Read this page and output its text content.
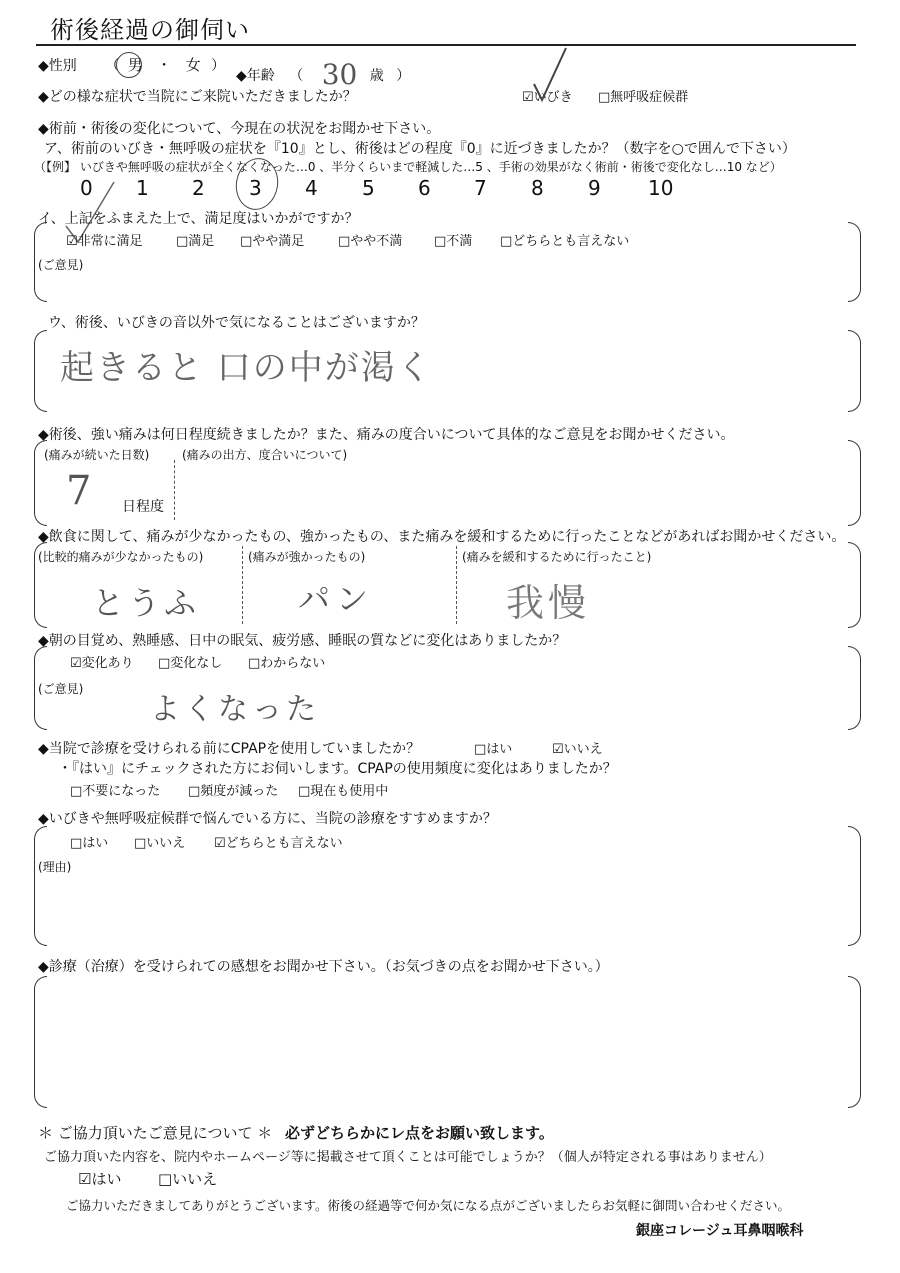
術後経過の御伺い
◆性別 （ 男 ・ 女 ）
◆年齢 （ 30 歳 ）
◆どの様な症状で当院にご来院いただきましたか？	☑いびき □無呼吸症候群
◆術前・術後の変化について、今現在の状況をお聞かせ下さい。
ア、術前のいびき・無呼吸の症状を『10』とし、術後はどの程度『0』に近づきましたか？（数字を○で囲んで下さい）
（【例】 いびきや無呼吸の症状が全くなくなった…0 、半分くらいまで軽減した…5 、手術の効果がなく術前・術後で変化なし…10 など）
0 1 2 3 4 5 6 7 8 9 10
イ、上記をふまえた上で、満足度はいかがですか？
☑非常に満足	□満足 □やや満足	□やや不満 □不満 □どちらとも言えない
(ご意見)
ウ、術後、いびきの音以外で気になることはございますか？
起きると 口の中が渇く
◆術後、強い痛みは何日程度続きましたか？また、痛みの度合いについて具体的なご意見をお聞かせください。
(痛みが続いた日数)	(痛みの出方、度合いについて)
7 日程度
◆飲食に関して、痛みが少なかったもの、強かったもの、また痛みを緩和するために行ったことなどがあればお聞かせください。
(比較的痛みが少なかったもの)	(痛みが強かったもの)	(痛みを緩和するために行ったこと)
とうふ	パン	我慢
◆朝の目覚め、熟睡感、日中の眠気、疲労感、睡眠の質などに変化はありましたか？
☑変化あり □変化なし □わからない
(ご意見)
よくなった
◆当院で診療を受けられる前にCPAPを使用していましたか？	□はい	☑いいえ
・『はい』にチェックされた方にお伺いします。CPAPの使用頻度に変化はありましたか？
□不要になった □頻度が減った □現在も使用中
◆いびきや無呼吸症候群で悩んでいる方に、当院の診療をすすめますか？
□はい □いいえ ☑どちらとも言えない
(理由)
◆診療（治療）を受けられての感想をお聞かせ下さい。（お気づきの点をお聞かせ下さい。）
＊ ご協力頂いたご意見について ＊ 必ずどちらかにレ点をお願い致します。
ご協力頂いた内容を、院内やホームページ等に掲載させて頂くことは可能でしょうか？（個人が特定される事はありません）
☑はい □いいえ
ご協力いただきましてありがとうございます。術後の経過等で何か気になる点がございましたらお気軽に御問い合わせください。
銀座コレージュ耳鼻咽喉科
